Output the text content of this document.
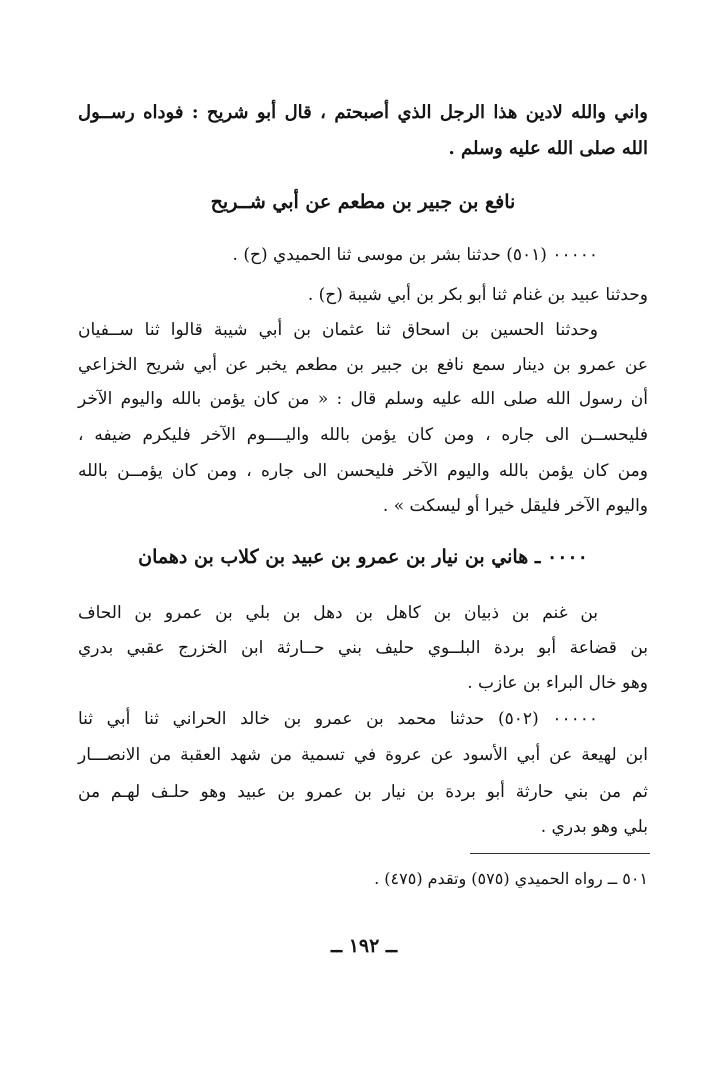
واني والله لادين هذا الرجل الذي أصبحتم ، قال أبو شريح : فوداه رســول
الله صلى الله عليه وسلم .
نافع بن جبير بن مطعم عن أبي شــريح
٠٠٠٠٠ (٥٠١) حدثنا بشر بن موسى ثنا الحميدي (ح) .
وحدثنا عبيد بن غنام ثنا أبو بكر بن أبي شيبة (ح) .
وحدثنا الحسين بن اسحاق ثنا عثمان بن أبي شيبة قالوا ثنا ســفيان
عن عمرو بن دينار سمع نافع بن جبير بن مطعم يخبر عن أبي شريح الخزاعي
أن رسول الله صلى الله عليه وسلم قال : « من كان يؤمن بالله واليوم الآخر
فليحســن الى جاره ، ومن كان يؤمن بالله واليــــوم الآخر فليكرم ضيفه ،
ومن كان يؤمن بالله واليوم الآخر فليحسن الى جاره ، ومن كان يؤمــن بالله
واليوم الآخر فليقل خيرا أو ليسكت » .
٠٠٠٠ ـ هاني بن نيار بن عمرو بن عبيد بن كلاب بن دهمان
بن غنم بن ذبيان بن كاهل بن دهل بن بلي بن عمرو بن الحاف
بن قضاعة أبو بردة البلــوي حليف بني حــارثة ابن الخزرج عقبي بدري
وهو خال البراء بن عازب .
٠٠٠٠٠ (٥٠٢) حدثنا محمد بن عمرو بن خالد الحراني ثنا أبي ثنا
ابن لهيعة عن أبي الأسود عن عروة في تسمية من شهد العقبة من الانصـــار
ثم من بني حارثة أبو بردة بن نيار بن عمرو بن عبيد وهو حلـف لهـم من
بلي وهو بدري .
٥٠١ ــ رواه الحميدي (٥٧٥) وتقدم (٤٧٥) .
ــ ١٩٢ ــ
